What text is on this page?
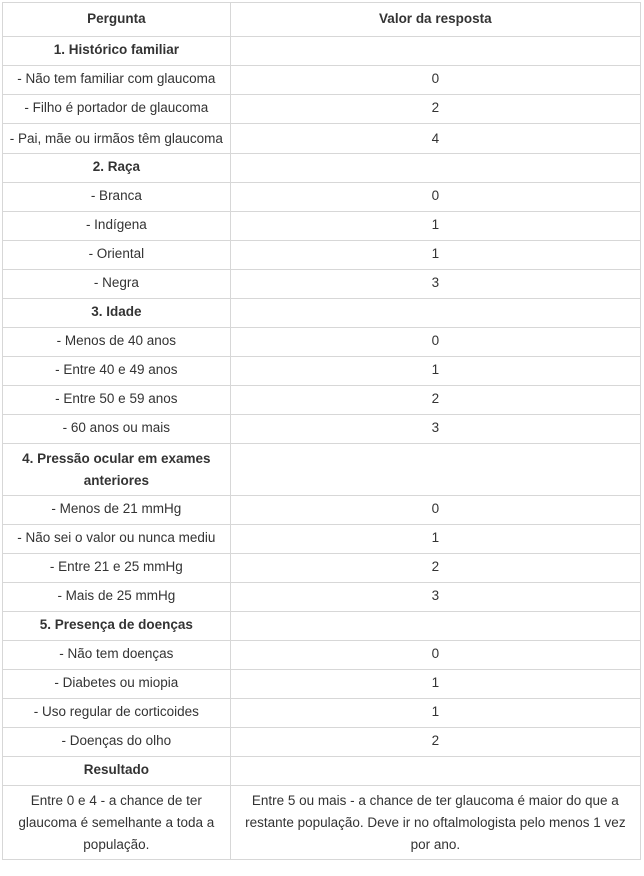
Pergunta	Valor da resposta
1. Histórico familiar	
- Não tem familiar com glaucoma	0
- Filho é portador de glaucoma	2
- Pai, mãe ou irmãos têm glaucoma	4
2. Raça	
- Branca	0
- Indígena	1
- Oriental	1
- Negra	3
3. Idade	
- Menos de 40 anos	0
- Entre 40 e 49 anos	1
- Entre 50 e 59 anos	2
- 60 anos ou mais	3
4. Pressão ocular em exames anteriores	
- Menos de 21 mmHg	0
- Não sei o valor ou nunca mediu	1
- Entre 21 e 25 mmHg	2
- Mais de 25 mmHg	3
5. Presença de doenças	
- Não tem doenças	0
- Diabetes ou miopia	1
- Uso regular de corticoides	1
- Doenças do olho	2
Resultado	
Entre 0 e 4 - a chance de ter glaucoma é semelhante a toda a população.	Entre 5 ou mais - a chance de ter glaucoma é maior do que a restante população. Deve ir no oftalmologista pelo menos 1 vez por ano.
